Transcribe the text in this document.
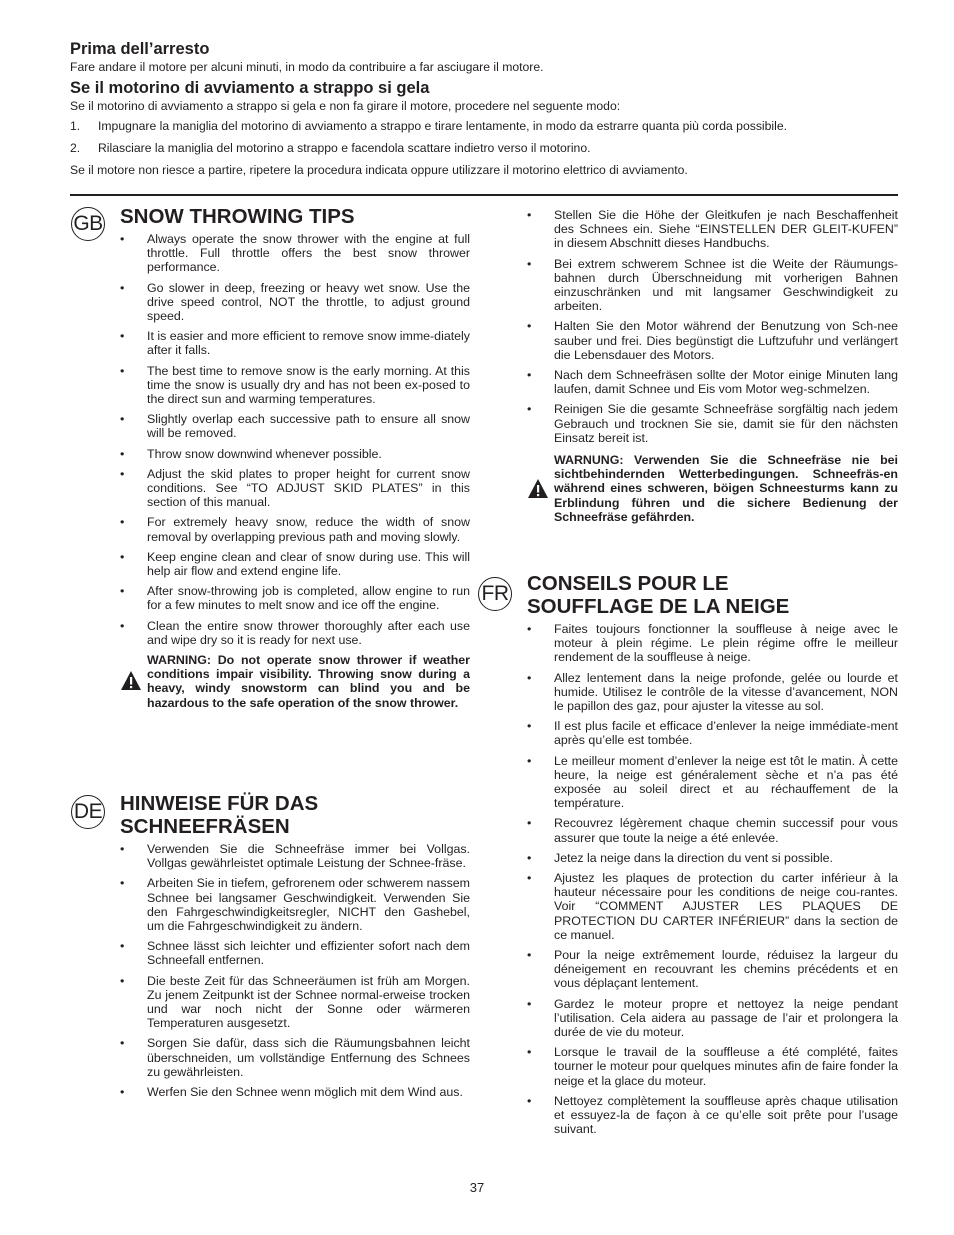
Prima dell’arresto

Fare andare il motore per alcuni minuti, in modo da contribuire a far asciugare il motore.

Se il motorino di avviamento a strappo si gela

Se il motorino di avviamento a strappo si gela e non fa girare il motore, procedere nel seguente modo:

1. Impugnare la maniglia del motorino di avviamento a strappo e tirare lentamente, in modo da estrarre quanta più corda possibile.
2. Rilasciare la maniglia del motorino a strappo e facendola scattare indietro verso il motorino.

Se il motore non riesce a partire, ripetere la procedura indicata oppure utilizzare il motorino elettrico di avviamento.

GB SNOW THROWING TIPS
• Always operate the snow thrower with the engine at full throttle. Full throttle offers the best snow thrower performance.
• Go slower in deep, freezing or heavy wet snow. Use the drive speed control, NOT the throttle, to adjust ground speed.
• It is easier and more efficient to remove snow imme-diately after it falls.
• The best time to remove snow is the early morning. At this time the snow is usually dry and has not been ex-posed to the direct sun and warming temperatures.
• Slightly overlap each successive path to ensure all snow will be removed.
• Throw snow downwind whenever possible.
• Adjust the skid plates to proper height for current snow conditions. See “TO ADJUST SKID PLATES” in this section of this manual.
• For extremely heavy snow, reduce the width of snow removal by overlapping previous path and moving slowly.
• Keep engine clean and clear of snow during use. This will help air flow and extend engine life.
• After snow-throwing job is completed, allow engine to run for a few minutes to melt snow and ice off the engine.
• Clean the entire snow thrower thoroughly after each use and wipe dry so it is ready for next use.
WARNING: Do not operate snow thrower if weather conditions impair visibility. Throwing snow during a heavy, windy snowstorm can blind you and be hazardous to the safe operation of the snow thrower.
DE HINWEISE FÜR DAS
SCHNEEFRÄSEN
• Verwenden Sie die Schneefräse immer bei Vollgas. Vollgas gewährleistet optimale Leistung der Schnee-fräse.
• Arbeiten Sie in tiefem, gefrorenem oder schwerem nassem Schnee bei langsamer Geschwindigkeit. Verwenden Sie den Fahrgeschwindigkeitsregler, NICHT den Gashebel, um die Fahrgeschwindigkeit zu ändern.
• Schnee lässt sich leichter und effizienter sofort nach dem Schneefall entfernen.
• Die beste Zeit für das Schneeräumen ist früh am Morgen. Zu jenem Zeitpunkt ist der Schnee normal-erweise trocken und war noch nicht der Sonne oder wärmeren Temperaturen ausgesetzt.
• Sorgen Sie dafür, dass sich die Räumungsbahnen leicht überschneiden, um vollständige Entfernung des Schnees zu gewährleisten.
• Werfen Sie den Schnee wenn möglich mit dem Wind aus.
• Stellen Sie die Höhe der Gleitkufen je nach Beschaffenheit des Schnees ein. Siehe “EINSTELLEN DER GLEIT-KUFEN” in diesem Abschnitt dieses Handbuchs.
• Bei extrem schwerem Schnee ist die Weite der Räumungs-bahnen durch Überschneidung mit vorherigen Bahnen einzuschränken und mit langsamer Geschwindigkeit zu arbeiten.
• Halten Sie den Motor während der Benutzung von Sch-nee sauber und frei. Dies begünstigt die Luftzufuhr und verlängert die Lebensdauer des Motors.
• Nach dem Schneefräsen sollte der Motor einige Minuten lang laufen, damit Schnee und Eis vom Motor weg-schmelzen.
• Reinigen Sie die gesamte Schneefräse sorgfältig nach jedem Gebrauch und trocknen Sie sie, damit sie für den nächsten Einsatz bereit ist.
WARNUNG: Verwenden Sie die Schneefräse nie bei sichtbehindernden Wetterbedingungen. Schneefräs-en während eines schweren, böigen Schneesturms kann zu Erblindung führen und die sichere Bedienung der Schneefräse gefährden.
FR CONSEILS POUR LE
SOUFFLAGE DE LA NEIGE
• Faites toujours fonctionner la souffleuse à neige avec le moteur à plein régime. Le plein régime offre le meilleur rendement de la souffleuse à neige.
• Allez lentement dans la neige profonde, gelée ou lourde et humide. Utilisez le contrôle de la vitesse d’avancement, NON le papillon des gaz, pour ajuster la vitesse au sol.
• Il est plus facile et efficace d’enlever la neige immédiate-ment après qu’elle est tombée.
• Le meilleur moment d’enlever la neige est tôt le matin. À cette heure, la neige est généralement sèche et n’a pas été exposée au soleil direct et au réchauffement de la température.
• Recouvrez légèrement chaque chemin successif pour vous assurer que toute la neige a été enlevée.
• Jetez la neige dans la direction du vent si possible.
• Ajustez les plaques de protection du carter inférieur à la hauteur nécessaire pour les conditions de neige cou-rantes. Voir “COMMENT AJUSTER LES PLAQUES DE PROTECTION DU CARTER INFÉRIEUR” dans la section de ce manuel.
• Pour la neige extrêmement lourde, réduisez la largeur du déneigement en recouvrant les chemins précédents et en vous déplaçant lentement.
• Gardez le moteur propre et nettoyez la neige pendant l’utilisation. Cela aidera au passage de l’air et prolongera la durée de vie du moteur.
• Lorsque le travail de la souffleuse a été complété, faites tourner le moteur pour quelques minutes afin de faire fonder la neige et la glace du moteur.
• Nettoyez complètement la souffleuse après chaque utilisation et essuyez-la de façon à ce qu’elle soit prête pour l’usage suivant.
37
